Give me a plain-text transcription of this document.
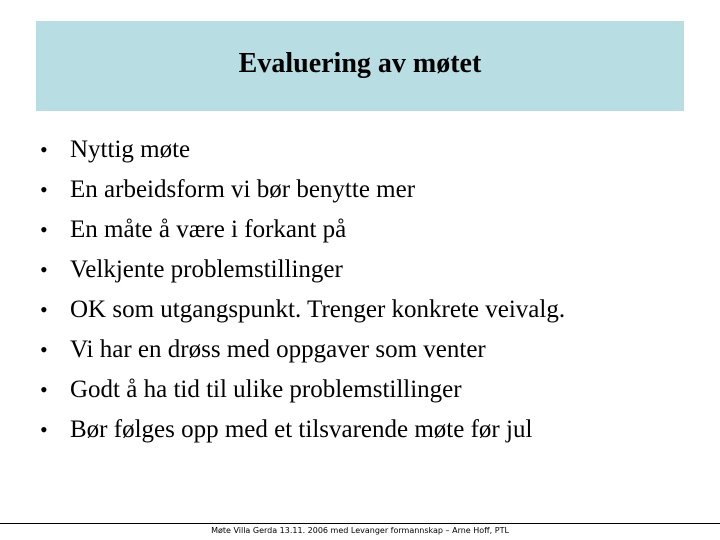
Evaluering av møtet
• Nyttig møte
• En arbeidsform vi bør benytte mer
• En måte å være i forkant på
• Velkjente problemstillinger
• OK som utgangspunkt. Trenger konkrete veivalg.
• Vi har en drøss med oppgaver som venter
• Godt å ha tid til ulike problemstillinger
• Bør følges opp med et tilsvarende møte før jul
Møte Villa Gerda 13.11. 2006 med Levanger formannskap – Arne Hoff, PTL
